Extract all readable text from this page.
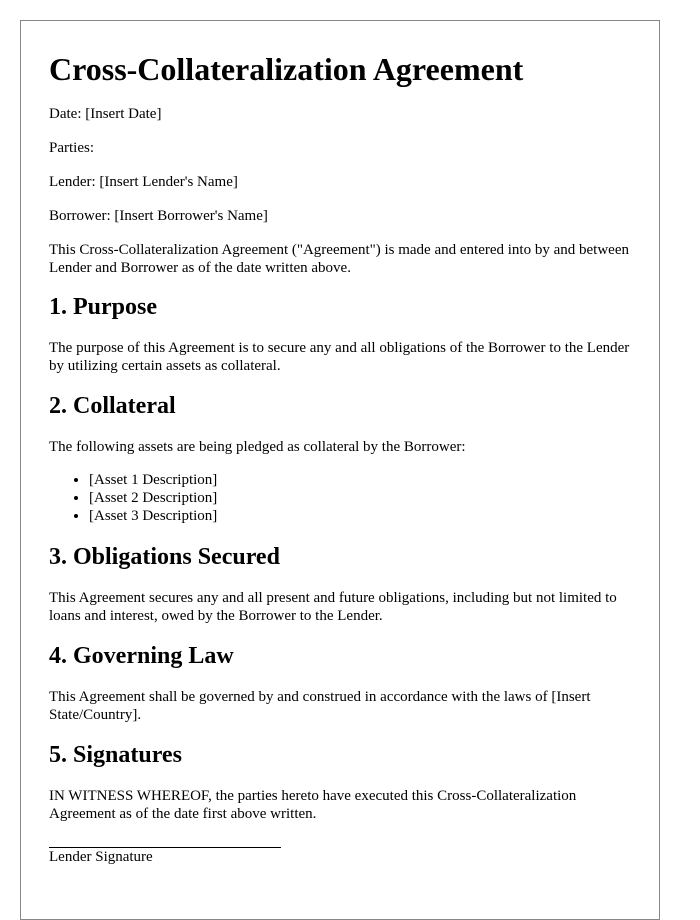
Cross-Collateralization Agreement

Date: [Insert Date]

Parties:

Lender: [Insert Lender's Name]

Borrower: [Insert Borrower's Name]

This Cross-Collateralization Agreement ("Agreement") is made and entered into by and between Lender and Borrower as of the date written above.

1. Purpose

The purpose of this Agreement is to secure any and all obligations of the Borrower to the Lender by utilizing certain assets as collateral.

2. Collateral

The following assets are being pledged as collateral by the Borrower:

• [Asset 1 Description]
• [Asset 2 Description]
• [Asset 3 Description]
3. Obligations Secured

This Agreement secures any and all present and future obligations, including but not limited to loans and interest, owed by the Borrower to the Lender.

4. Governing Law

This Agreement shall be governed by and construed in accordance with the laws of [Insert State/Country].

5. Signatures

IN WITNESS WHEREOF, the parties hereto have executed this Cross-Collateralization Agreement as of the date first above written.

Lender Signature
